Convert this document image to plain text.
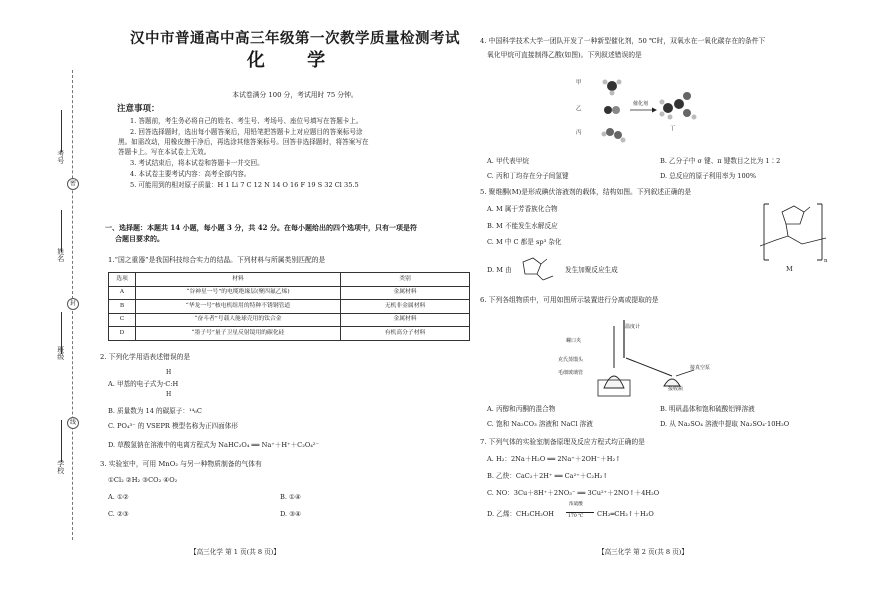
密
封
线
考号
姓名
班级
学校
汉中市普通高中高三年级第一次教学质量检测考试
化 学
本试卷满分 100 分，考试用时 75 分钟。
注意事项：

1. 答题前，考生务必将自己的姓名、考生号、考场号、座位号填写在答题卡上。

2. 回答选择题时，选出每小题答案后，用铅笔把答题卡上对应题目的答案标号涂

黑。如需改动，用橡皮擦干净后，再选涂其他答案标号。回答非选择题时，将答案写在

答题卡上。写在本试卷上无效。

3. 考试结束后，将本试卷和答题卡一并交回。

4. 本试卷主要考试内容：高考全部内容。

5. 可能用到的相对原子质量：H 1 Li 7 C 12 N 14 O 16 F 19 S 32 Cl 35.5

一、选择题：本题共 14 小题，每小题 3 分，共 42 分。在每小题给出的四个选项中，只有一项是符
合题目要求的。
1.“国之重器”是我国科技综合实力的结晶。下列材料与所属类别匹配的是
选项	材料	类别
A	“谷神星一号”的电缆绝缘层(聚四氟乙烯)	金属材料
B	“华龙一号”核电机组用的特种不锈钢管道	无机非金属材料
C	“奋斗者”号载人舱球壳用的钛合金	金属材料
D	“墨子号”量子卫星反射镜用的碳化硅	有机高分子材料
2. 下列化学用语表述错误的是
H
A. 甲基的电子式为·C:H
H
B. 质量数为 14 的碳原子：¹⁴₆C
C. PO₄³⁻ 的 VSEPR 模型名称为正四面体形
D. 草酸氢钠在溶液中的电离方程式为 NaHC₂O₄ ══ Na⁺＋H⁺＋C₂O₄²⁻
3. 实验室中，可用 MnO₂ 与另一种物质制备的气体有
①Cl₂ ②H₂ ③CO₂ ④O₂
A. ①②	B. ①④
C. ②③	D. ③④
【高三化学 第 1 页(共 8 页)】
4. 中国科学技术大学一团队开发了一种新型催化剂，50 ℃时，双氧水在一氧化碳存在的条件下
氧化甲烷可直接制得乙酸(如图)。下列叙述错误的是
甲
乙
丙
催化剂
丁
A. 甲代表甲烷	B. 乙分子中 σ 键、π 键数目之比为 1∶2
C. 丙和丁均存在分子间氢键	D. 总反应的原子利用率为 100%
5. 聚维酮(M)是形成碘伏溶液剂的载体，结构如图。下列叙述正确的是
A. M 属于芳香族化合物
B. M 不能发生水解反应
C. M 中 C 都是 sp³ 杂化
D. M 由	发生加聚反应生成
n
M
6. 下列各组物质中，可用如图所示装置进行分离或提取的是
温度计
螺口夹
克氏蒸馏头
毛细玻璃管
接真空泵
接收瓶
A. 丙醇和丙酮的混合物	B. 明矾晶体和饱和硫酸铝钾溶液
C. 饱和 Na₂CO₃ 溶液和 NaCl 溶液	D. 从 Na₂SO₄ 溶液中提取 Na₂SO₄·10H₂O
7. 下列气体的实验室制备原理及反应方程式均正确的是
A. H₂：2Na＋H₂O ══ 2Na⁺＋2OH⁻＋H₂↑
B. 乙炔：CaC₂＋2H⁺ ══ Ca²⁺＋C₂H₂↑
C. NO：3Cu＋8H⁺＋2NO₃⁻ ══ 3Cu²⁺＋2NO↑＋4H₂O
D. 乙烯：CH₃CH₂OH
浓硫酸
170 ℃ CH₂═CH₂↑＋H₂O
【高三化学 第 2 页(共 8 页)】
